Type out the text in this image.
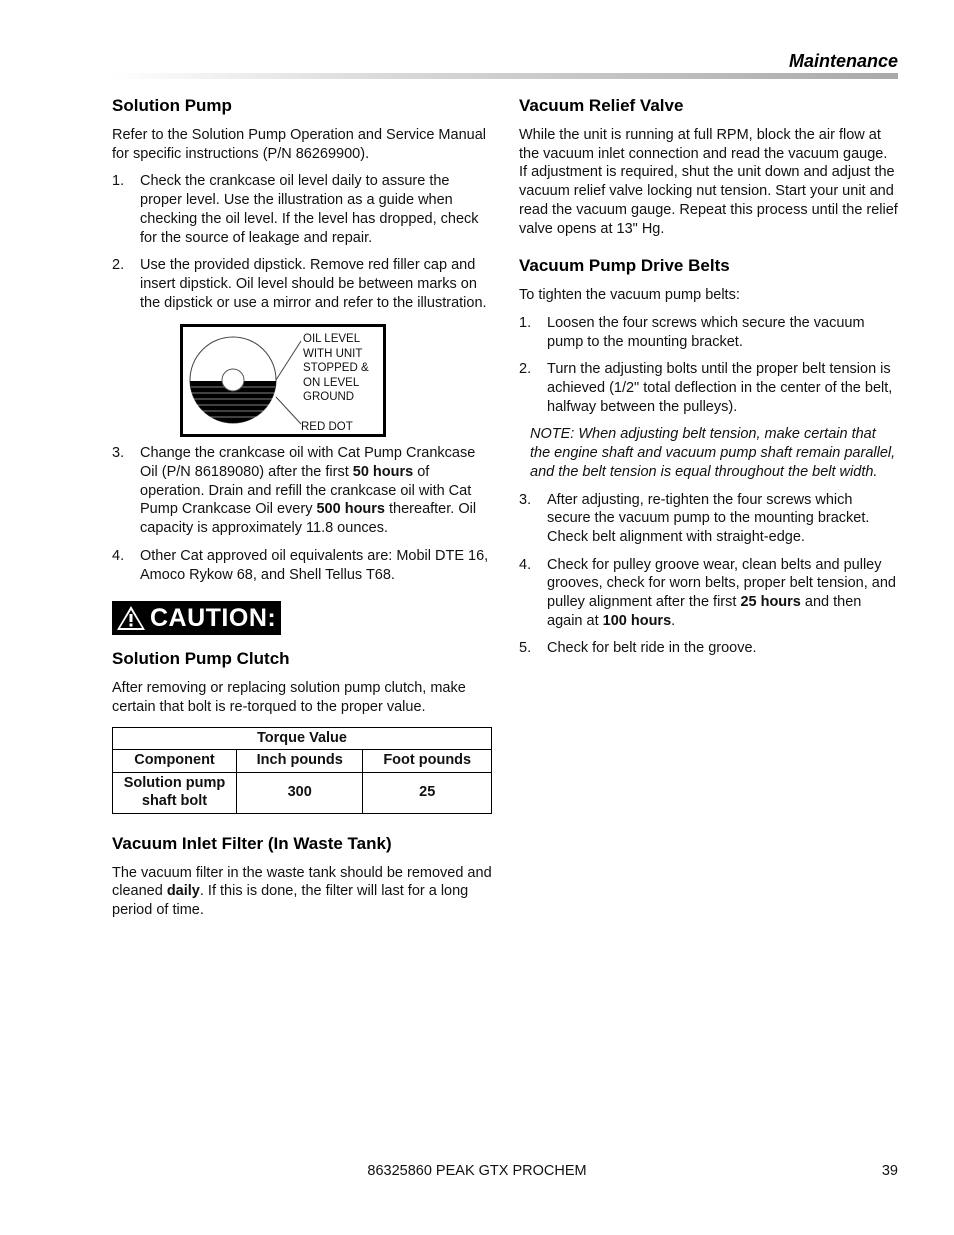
Maintenance
Solution Pump

Refer to the Solution Pump Operation and Service Manual for specific instructions (P/N 86269900).

1.	Check the crankcase oil level daily to assure the proper level. Use the illustration as a guide when checking the oil level. If the level has dropped, check for the source of leakage and repair.
2.	Use the provided dipstick. Remove red filler cap and insert dipstick. Oil level should be between marks on the dipstick or use a mirror and refer to the illustration.
OIL LEVEL WITH UNIT STOPPED & ON LEVEL GROUND
RED DOT
3.	Change the crankcase oil with Cat Pump Crankcase Oil (P/N 86189080) after the first 50 hours of operation. Drain and refill the crankcase oil with Cat Pump Crankcase Oil every 500 hours thereafter. Oil capacity is approximately 11.8 ounces.
4.	Other Cat approved oil equivalents are: Mobil DTE 16, Amoco Rykow 68, and Shell Tellus T68.
CAUTION:
Solution Pump Clutch

After removing or replacing solution pump clutch, make certain that bolt is re-torqued to the proper value.

Torque Value		
Component	Inch pounds	Foot pounds
Solution pump shaft bolt	300	25
Vacuum Inlet Filter (In Waste Tank)

The vacuum filter in the waste tank should be removed and cleaned daily. If this is done, the filter will last for a long period of time.

Vacuum Relief Valve

While the unit is running at full RPM, block the air flow at the vacuum inlet connection and read the vacuum gauge. If adjustment is required, shut the unit down and adjust the vacuum relief valve locking nut tension. Start your unit and read the vacuum gauge. Repeat this process until the relief valve opens at 13" Hg.

Vacuum Pump Drive Belts

To tighten the vacuum pump belts:

1.	Loosen the four screws which secure the vacuum pump to the mounting bracket.
2.	Turn the adjusting bolts until the proper belt tension is achieved (1/2" total deflection in the center of the belt, halfway between the pulleys).

NOTE: When adjusting belt tension, make certain that the engine shaft and vacuum pump shaft remain parallel, and the belt tension is equal throughout the belt width.

3.	After adjusting, re-tighten the four screws which secure the vacuum pump to the mounting bracket. Check belt alignment with straight-edge.
4.	Check for pulley groove wear, clean belts and pulley grooves, check for worn belts, proper belt tension, and pulley alignment after the first 25 hours and then again at 100 hours.
5.	Check for belt ride in the groove.
86325860 PEAK GTX PROCHEM	39
